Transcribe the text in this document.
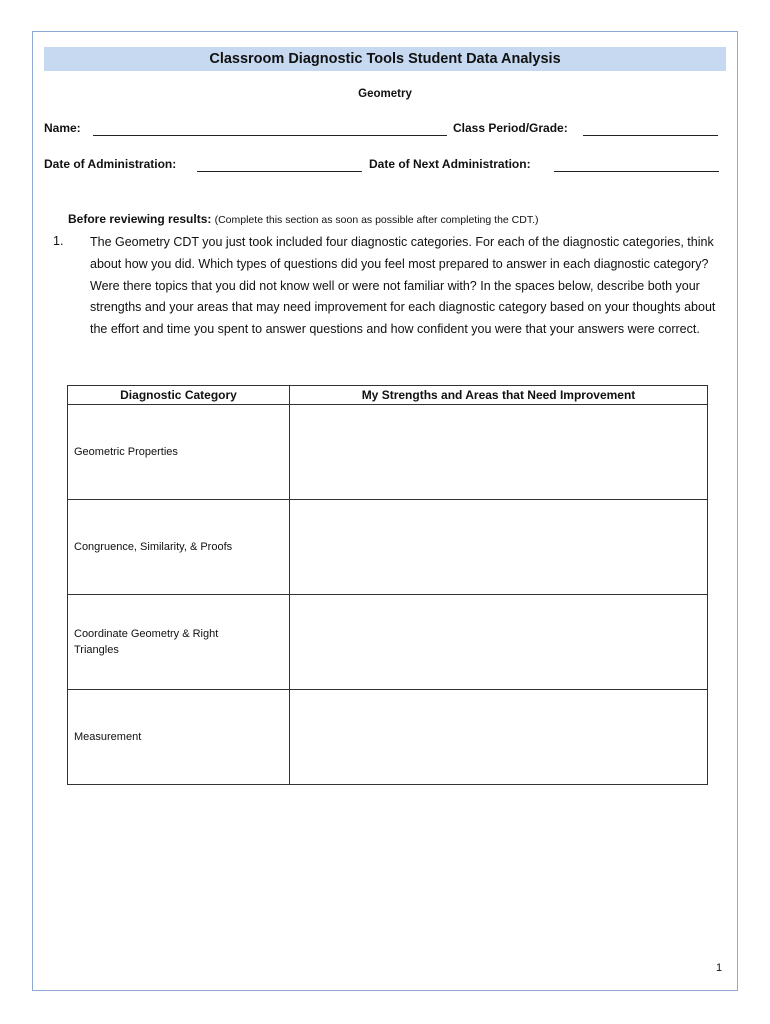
Classroom Diagnostic Tools Student Data Analysis
Geometry
Name:	Class Period/Grade:
Date of Administration:	Date of Next Administration:
Before reviewing results: (Complete this section as soon as possible after completing the CDT.)
1. The Geometry CDT you just took included four diagnostic categories. For each of the diagnostic categories, think about how you did. Which types of questions did you feel most prepared to answer in each diagnostic category? Were there topics that you did not know well or were not familiar with? In the spaces below, describe both your strengths and your areas that may need improvement for each diagnostic category based on your thoughts about the effort and time you spent to answer questions and how confident you were that your answers were correct.
Diagnostic Category	My Strengths and Areas that Need Improvement
Geometric Properties	
Congruence, Similarity, & Proofs	
Coordinate Geometry & Right Triangles	
Measurement	
1
